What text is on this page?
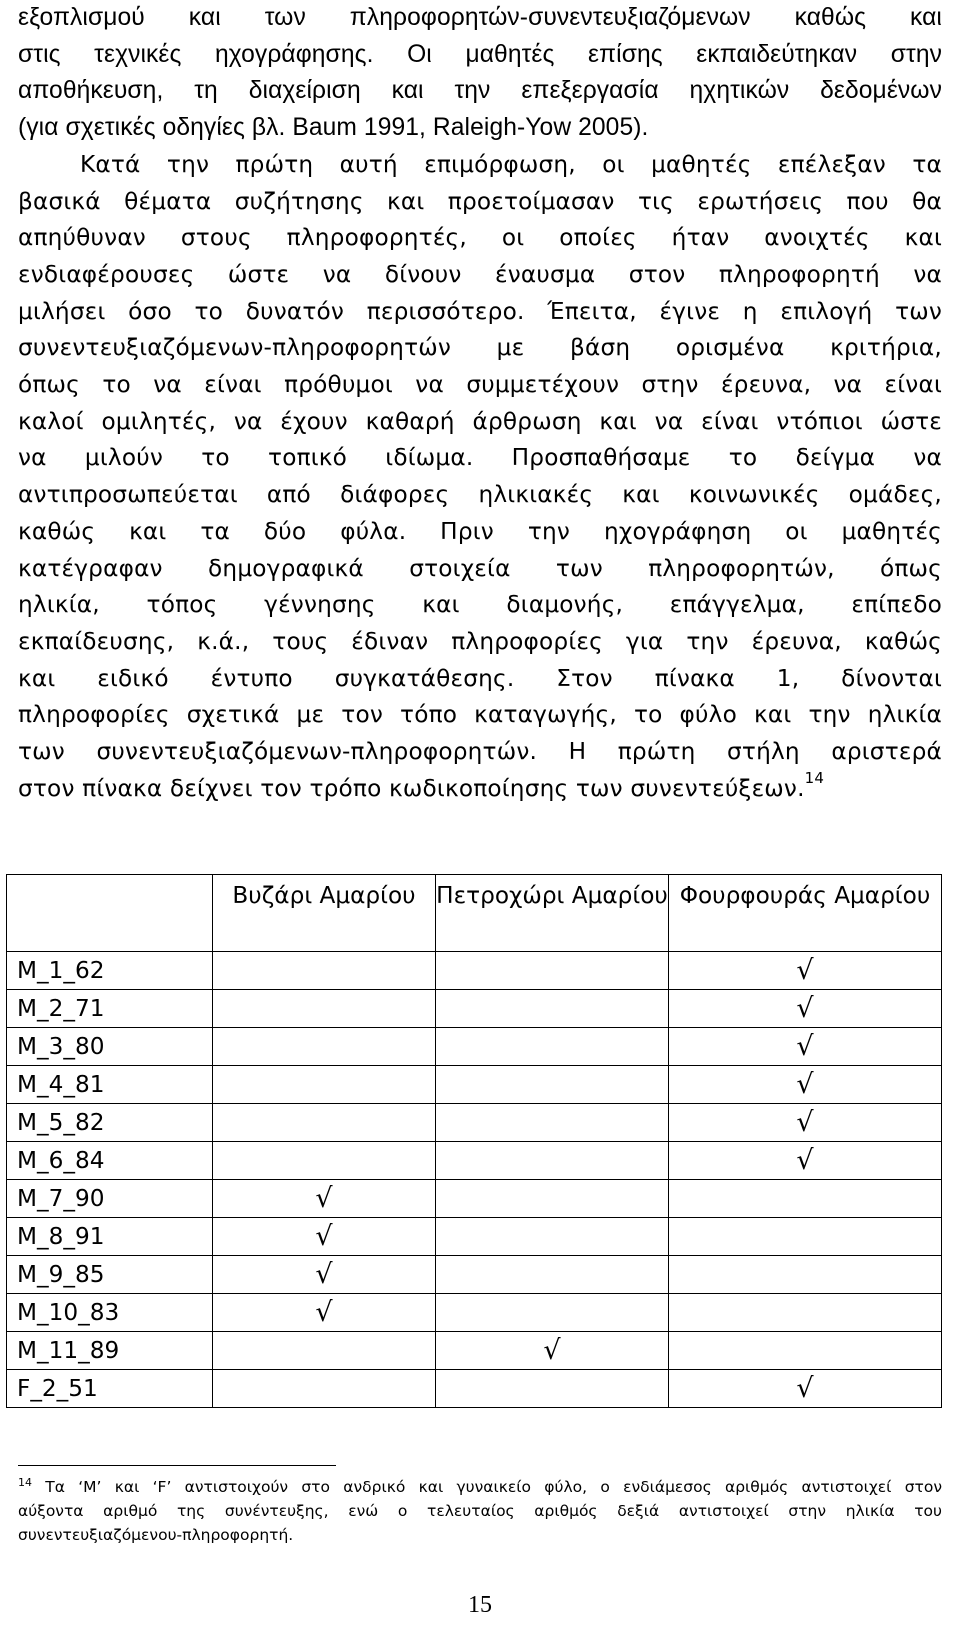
εξοπλισμού και των πληροφορητών-συνεντευξιαζόμενων καθώς και
στις τεχνικές ηχογράφησης. Οι μαθητές επίσης εκπαιδεύτηκαν στην
αποθήκευση, τη διαχείριση και την επεξεργασία ηχητικών δεδομένων
(για σχετικές οδηγίες βλ. Baum 1991, Raleigh-Yow 2005).
Κατά την πρώτη αυτή επιμόρφωση, οι μαθητές επέλεξαν τα
βασικά θέματα συζήτησης και προετοίμασαν τις ερωτήσεις που θα
απηύθυναν στους πληροφορητές, οι οποίες ήταν ανοιχτές και
ενδιαφέρουσες ώστε να δίνουν έναυσμα στον πληροφορητή να
μιλήσει όσο το δυνατόν περισσότερο. Έπειτα, έγινε η επιλογή των
συνεντευξιαζόμενων-πληροφορητών με βάση ορισμένα κριτήρια,
όπως το να είναι πρόθυμοι να συμμετέχουν στην έρευνα, να είναι
καλοί ομιλητές, να έχουν καθαρή άρθρωση και να είναι ντόπιοι ώστε
να μιλούν το τοπικό ιδίωμα. Προσπαθήσαμε το δείγμα να
αντιπροσωπεύεται από διάφορες ηλικιακές και κοινωνικές ομάδες,
καθώς και τα δύο φύλα. Πριν την ηχογράφηση οι μαθητές
κατέγραφαν δημογραφικά στοιχεία των πληροφορητών, όπως
ηλικία, τόπος γέννησης και διαμονής, επάγγελμα, επίπεδο
εκπαίδευσης, κ.ά., τους έδιναν πληροφορίες για την έρευνα, καθώς
και ειδικό έντυπο συγκατάθεσης. Στον πίνακα 1, δίνονται
πληροφορίες σχετικά με τον τόπο καταγωγής, το φύλο και την ηλικία
των συνεντευξιαζόμενων-πληροφορητών. Η πρώτη στήλη αριστερά
στον πίνακα δείχνει τον τρόπο κωδικοποίησης των συνεντεύξεων.$^{14}$

	Βυζάρι Αμαρίου	Πετροχώρι Αμαρίου	Φουρφουράς Αμαρίου
M_1_62			√
M_2_71			√
M_3_80			√
M_4_81			√
M_5_82			√
M_6_84			√
M_7_90	√		
M_8_91	√		
M_9_85	√		
M_10_83	√		
M_11_89		√	
F_2_51			√
$^{14}$ Τα ‘M’ και ‘F’ αντιστοιχούν στο ανδρικό και γυναικείο φύλο, ο ενδιάμεσος αριθμός αντιστοιχεί στον
αύξοντα αριθμό της συνέντευξης, ενώ ο τελευταίος αριθμός δεξιά αντιστοιχεί στην ηλικία του
συνεντευξιαζόμενου-πληροφορητή.
15
